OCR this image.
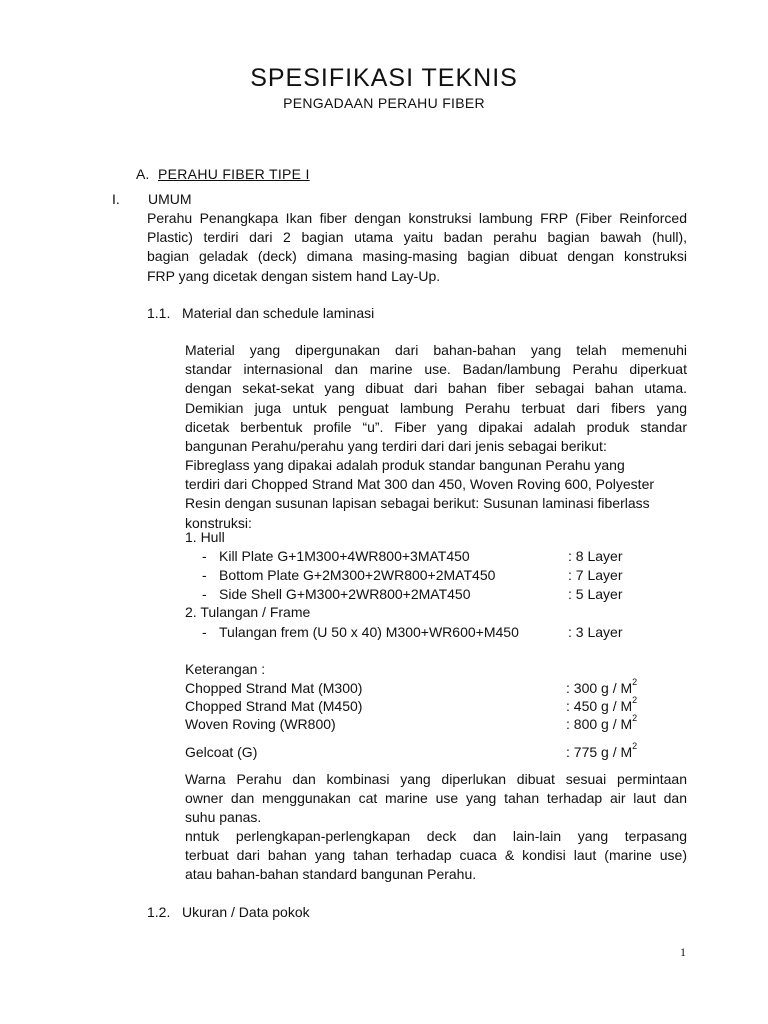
SPESIFIKASI TEKNIS
PENGADAAN PERAHU FIBER
A. PERAHU FIBER TIPE I
I. UMUM
Perahu Penangkapa Ikan fiber dengan konstruksi lambung FRP (Fiber Reinforced
Plastic) terdiri dari 2 bagian utama yaitu badan perahu bagian bawah (hull),
bagian geladak (deck) dimana masing-masing bagian dibuat dengan konstruksi
FRP yang dicetak dengan sistem hand Lay-Up.
1.1. Material dan schedule laminasi
Material yang dipergunakan dari bahan-bahan yang telah memenuhi
standar internasional dan marine use. Badan/lambung Perahu diperkuat
dengan sekat-sekat yang dibuat dari bahan fiber sebagai bahan utama.
Demikian juga untuk penguat lambung Perahu terbuat dari fibers yang
dicetak berbentuk profile “u”. Fiber yang dipakai adalah produk standar
bangunan Perahu/perahu yang terdiri dari dari jenis sebagai berikut:
Fibreglass yang dipakai adalah produk standar bangunan Perahu yang
terdiri dari Chopped Strand Mat 300 dan 450, Woven Roving 600, Polyester
Resin dengan susunan lapisan sebagai berikut: Susunan laminasi fiberlass
konstruksi:
1. Hull
- Kill Plate G+1M300+4WR800+3MAT450	: 8 Layer
- Bottom Plate G+2M300+2WR800+2MAT450	: 7 Layer
- Side Shell G+M300+2WR800+2MAT450	: 5 Layer
2. Tulangan / Frame
- Tulangan frem (U 50 x 40) M300+WR600+M450	: 3 Layer
Keterangan :
Chopped Strand Mat (M300)	: 300 g / $M^2$
Chopped Strand Mat (M450)	: 450 g / $M^2$
Woven Roving (WR800)	: 800 g / $M^2$
Gelcoat (G)	: 775 g / $M^2$
Warna Perahu dan kombinasi yang diperlukan dibuat sesuai permintaan
owner dan menggunakan cat marine use yang tahan terhadap air laut dan
suhu panas.
nntuk perlengkapan-perlengkapan deck dan lain-lain yang terpasang
terbuat dari bahan yang tahan terhadap cuaca & kondisi laut (marine use)
atau bahan-bahan standard bangunan Perahu.
1.2. Ukuran / Data pokok
1
